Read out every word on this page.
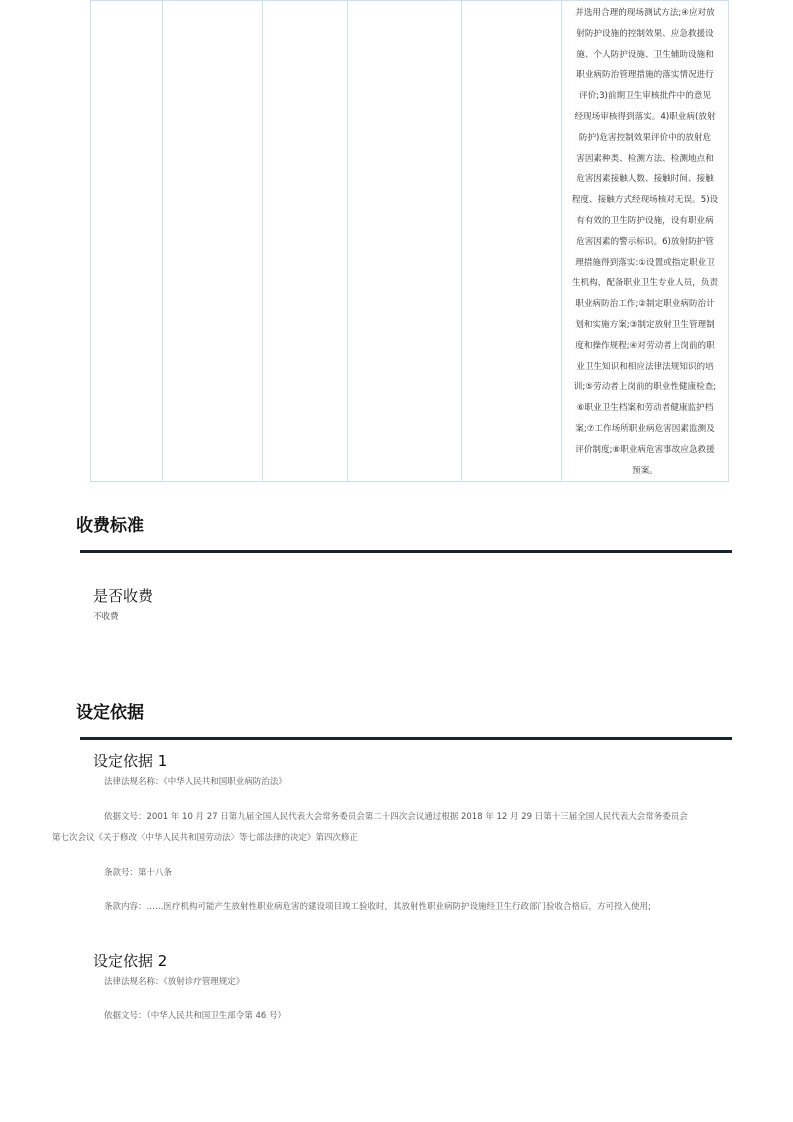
并选用合理的现场测试方法;④应对放
射防护设施的控制效果、应急救援设
施、个人防护设施、卫生辅助设施和
职业病防治管理措施的落实情况进行
评价;3)前期卫生审核批件中的意见
经现场审核得到落实。4)职业病(放射
防护)危害控制效果评价中的放射危
害因素种类、检测方法、检测地点和
危害因素接触人数、接触时间、接触
程度、接触方式经现场核对无误。5)设
有有效的卫生防护设施，设有职业病
危害因素的警示标识。6)放射防护管
理措施得到落实:①设置或指定职业卫
生机构，配备职业卫生专业人员，负责
职业病防治工作;②制定职业病防治计
划和实施方案;③制定放射卫生管理制
度和操作规程;④对劳动者上岗前的职
业卫生知识和相应法律法规知识的培
训;⑤劳动者上岗前的职业性健康检查;
⑥职业卫生档案和劳动者健康监护档
案;⑦工作场所职业病危害因素监测及
评价制度;⑧职业病危害事故应急救援
预案。
收费标准
是否收费
不收费
设定依据
设定依据 1
法律法规名称：《中华人民共和国职业病防治法》
依据文号：2001 年 10 月 27 日第九届全国人民代表大会常务委员会第二十四次会议通过根据 2018 年 12 月 29 日第十三届全国人民代表大会常务委员会
第七次会议《关于修改〈中华人民共和国劳动法〉等七部法律的决定》第四次修正
条款号：第十八条
条款内容：……医疗机构可能产生放射性职业病危害的建设项目竣工验收时，其放射性职业病防护设施经卫生行政部门验收合格后，方可投入使用;
设定依据 2
法律法规名称：《放射诊疗管理规定》
依据文号：（中华人民共和国卫生部令第 46 号）
